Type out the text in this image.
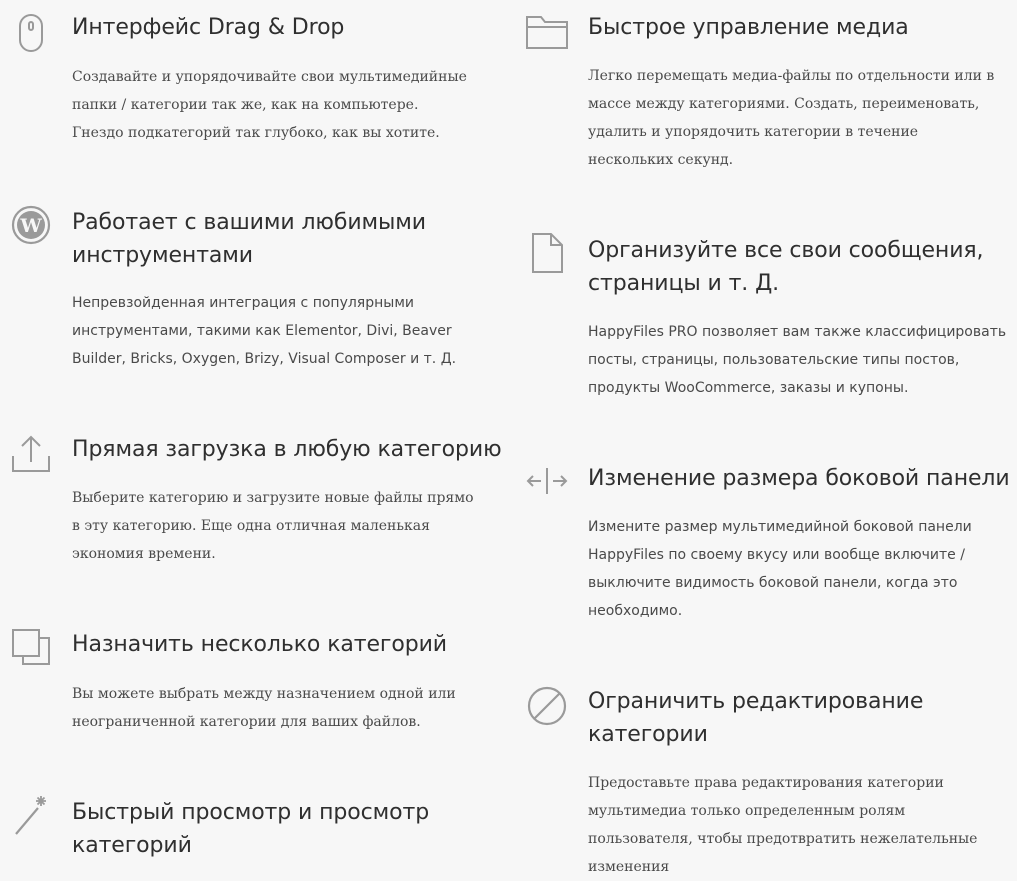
Интерфейс Drag & Drop

Создавайте и упорядочивайте свои мультимедийные папки / категории так же, как на компьютере. Гнездо подкатегорий так глубоко, как вы хотите.

W Работает с вашими любимыми инструментами

Непревзойденная интеграция с популярными инструментами, такими как Elementor, Divi, Beaver Builder, Bricks, Oxygen, Brizy, Visual Composer и т. Д.

Прямая загрузка в любую категорию

Выберите категорию и загрузите новые файлы прямо в эту категорию. Еще одна отличная маленькая экономия времени.

Назначить несколько категорий

Вы можете выбрать между назначением одной или неограниченной категории для ваших файлов.

Быстрый просмотр и просмотр категорий
Быстрое управление медиа

Легко перемещать медиа-файлы по отдельности или в массе между категориями. Создать, переименовать, удалить и упорядочить категории в течение нескольких секунд.

Организуйте все свои сообщения, страницы и т. Д.

HappyFiles PRO позволяет вам также классифицировать посты, страницы, пользовательские типы постов, продукты WooCommerce, заказы и купоны.

Изменение размера боковой панели

Измените размер мультимедийной боковой панели HappyFiles по своему вкусу или вообще включите / выключите видимость боковой панели, когда это необходимо.

Ограничить редактирование категории

Предоставьте права редактирования категории мультимедиа только определенным ролям пользователя, чтобы предотвратить нежелательные изменения
